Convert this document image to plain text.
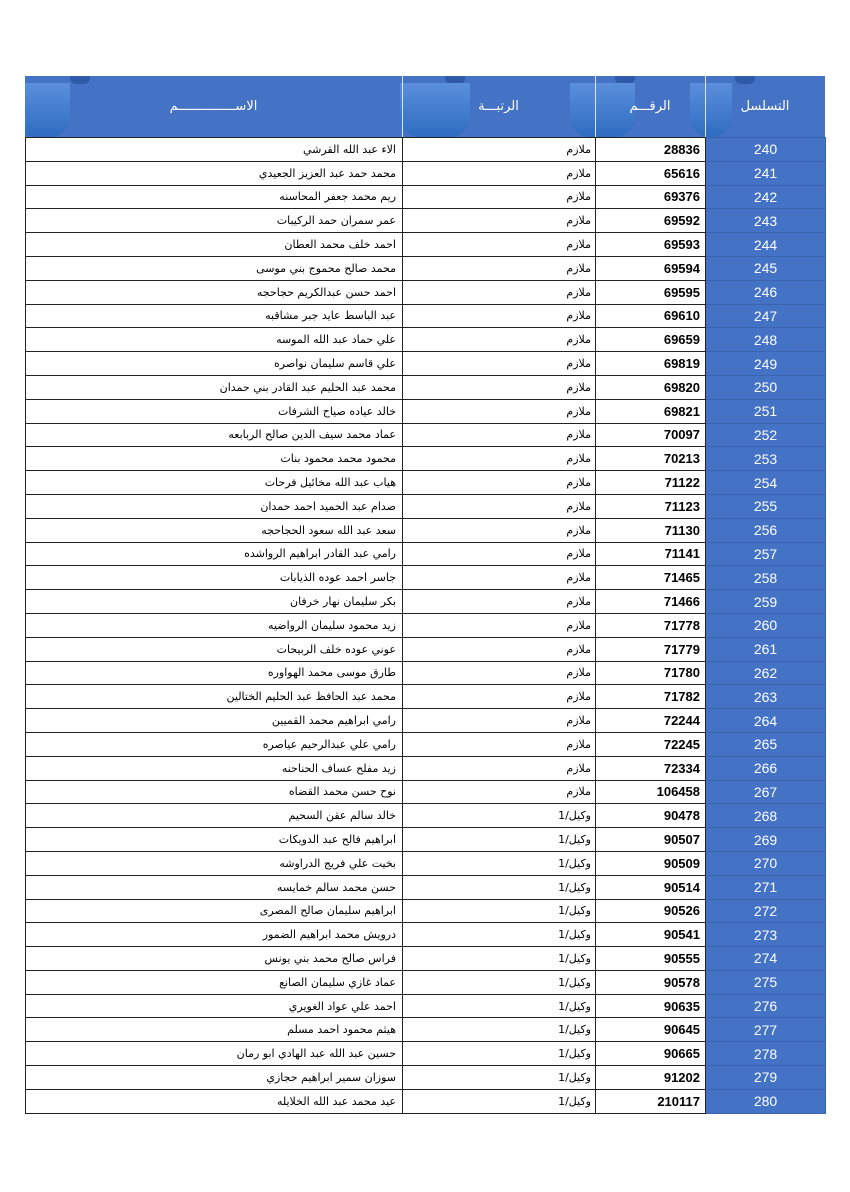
الاســـــــــــــــم	الرتبـــة	الرقـــم	التسلسل
الاء عبد الله القرشي	ملازم	28836	240
محمد حمد عبد العزيز الجعيدي	ملازم	65616	241
ريم محمد جعفر المحاسنه	ملازم	69376	242
عمر سمران حمد الركيبات	ملازم	69592	243
احمد خلف محمد العطان	ملازم	69593	244
محمد صالح محموج بني موسى	ملازم	69594	245
احمد حسن عبدالكريم حجاحجه	ملازم	69595	246
عبد الباسط عايد جبر مشاقبه	ملازم	69610	247
علي حماد عبد الله الموسه	ملازم	69659	248
علي قاسم سليمان نواصره	ملازم	69819	249
محمد عبد الحليم عبد القادر بني حمدان	ملازم	69820	250
خالد عياده صياح الشرفات	ملازم	69821	251
عماد محمد سيف الدين صالح الربابعه	ملازم	70097	252
محمود محمد محمود بنات	ملازم	70213	253
هياب عبد الله مخائيل فرحات	ملازم	71122	254
صدام عبد الحميد احمد حمدان	ملازم	71123	255
سعد عبد الله سعود الحجاحجه	ملازم	71130	256
رامي عبد القادر ابراهيم الرواشده	ملازم	71141	257
جاسر احمد عوده الذيابات	ملازم	71465	258
بكر سليمان نهار خرفان	ملازم	71466	259
زيد محمود سليمان الرواضيه	ملازم	71778	260
عوني عوده خلف الربيحات	ملازم	71779	261
طارق موسى محمد الهواوره	ملازم	71780	262
محمد عبد الحافظ عبد الحليم الختالين	ملازم	71782	263
رامي ابراهيم محمد القميين	ملازم	72244	264
رامي علي عبدالرحيم عياصره	ملازم	72245	265
زيد مفلح عساف الحناحنه	ملازم	72334	266
نوح حسن محمد القضاه	ملازم	106458	267
خالد سالم عقن السحيم	وكيل/1	90478	268
ابراهيم فالح عبد الدويكات	وكيل/1	90507	269
بخيت علي فريج الدراوشه	وكيل/1	90509	270
حسن محمد سالم خمايسه	وكيل/1	90514	271
ابراهيم سليمان صالح المصرى	وكيل/1	90526	272
درويش محمد ابراهيم الضمور	وكيل/1	90541	273
فراس صالح محمد بني يونس	وكيل/1	90555	274
عماد غازي سليمان الصانع	وكيل/1	90578	275
احمد علي عواد الغويري	وكيل/1	90635	276
هيثم محمود احمد مسلم	وكيل/1	90645	277
حسين عبد الله عبد الهادي ابو رمان	وكيل/1	90665	278
سوزان سمير ابراهيم حجازي	وكيل/1	91202	279
عيد محمد عبد الله الخلايله	وكيل/1	210117	280
